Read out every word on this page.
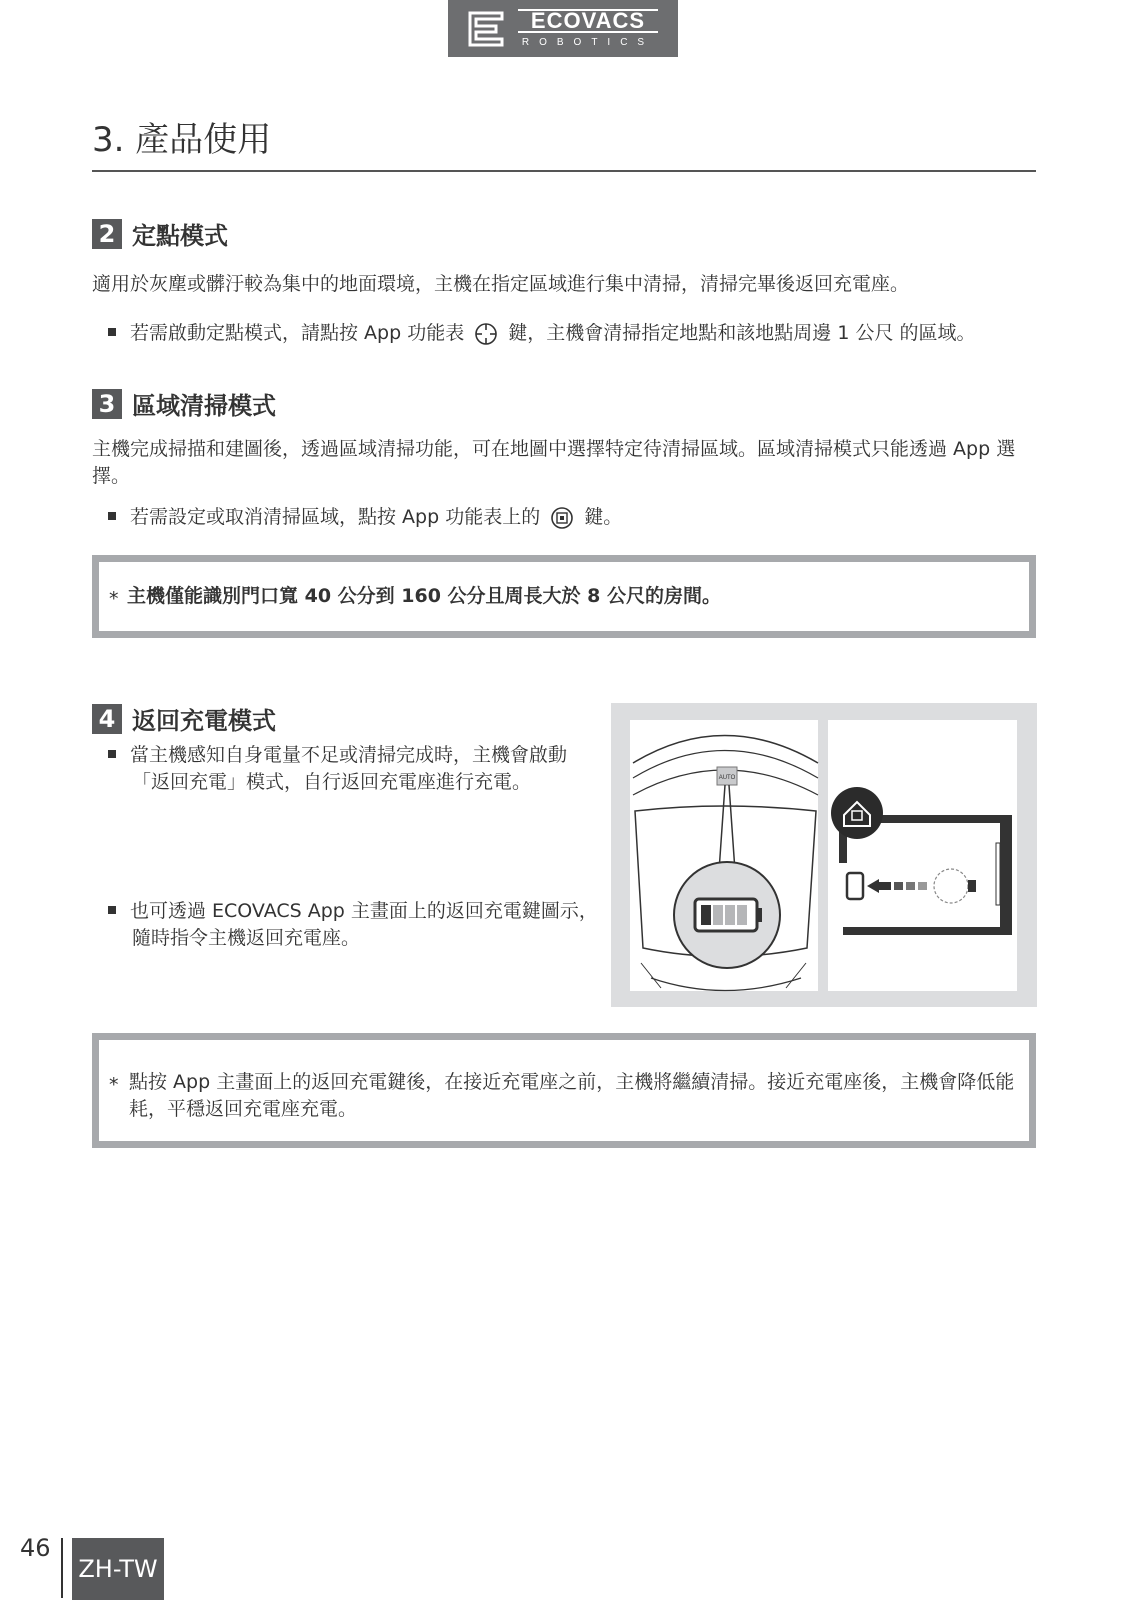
ECOVACS
ROBOTICS
3. 產品使用
2 定點模式

適用於灰塵或髒汙較為集中的地面環境，主機在指定區域進行集中清掃，清掃完畢後返回充電座。

若需啟動定點模式，請點按 App 功能表 鍵，主機會清掃指定地點和該地點周邊 1 公尺 的區域。

3 區域清掃模式

主機完成掃描和建圖後，透過區域清掃功能，可在地圖中選擇特定待清掃區域。區域清掃模式只能透過 App 選擇。

若需設定或取消清掃區域，點按 App 功能表上的 鍵。

* 主機僅能識別門口寬 40 公分到 160 公分且周長大於 8 公尺的房間。
4 返回充電模式

當主機感知自身電量不足或清掃完成時，主機會啟動「返回充電」模式，自行返回充電座進行充電。

也可透過 ECOVACS App 主畫面上的返回充電鍵圖示，隨時指令主機返回充電座。

AUTO
* 點按 App 主畫面上的返回充電鍵後，在接近充電座之前，主機將繼續清掃。接近充電座後，主機會降低能耗，平穩返回充電座充電。
46
ZH-TW
